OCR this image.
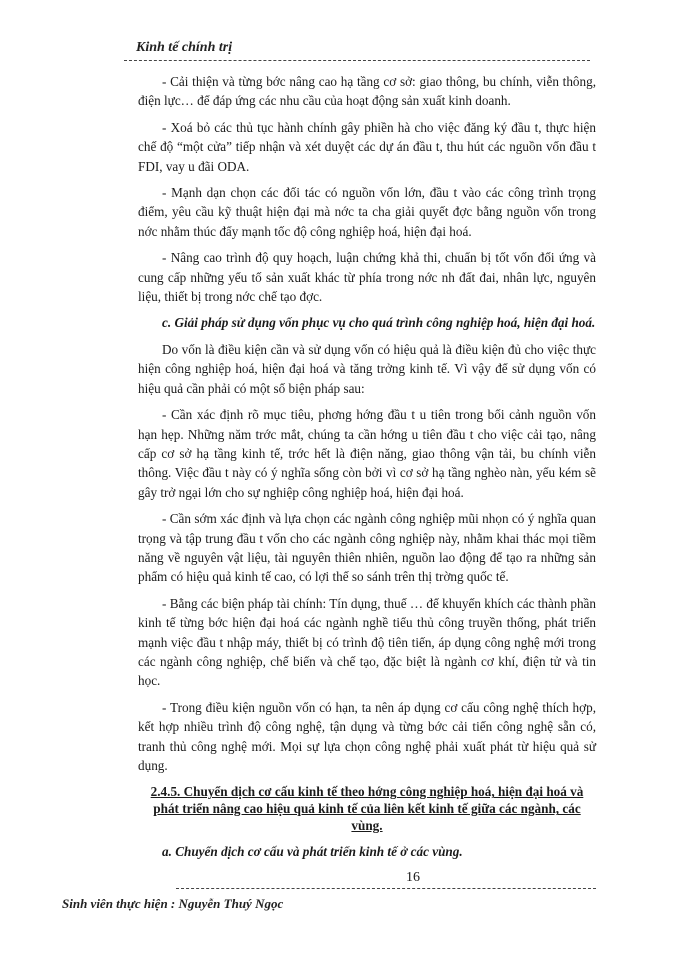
Kinh tế chính trị

- Cải thiện và từng bớc nâng cao hạ tầng cơ sở: giao thông, bu chính, viễn thông, điện lực… để đáp ứng các nhu cầu của hoạt động sản xuất kinh doanh.

- Xoá bỏ các thủ tục hành chính gây phiền hà cho việc đăng ký đầu t, thực hiện chế độ “một cửa” tiếp nhận và xét duyệt các dự án đầu t, thu hút các nguồn vốn đầu t FDI, vay u đãi ODA.

- Mạnh dạn chọn các đối tác có nguồn vốn lớn, đầu t vào các công trình trọng điểm, yêu cầu kỹ thuật hiện đại mà nớc ta cha giải quyết đợc bằng nguồn vốn trong nớc nhằm thúc đẩy mạnh tốc độ công nghiệp hoá, hiện đại hoá.

- Nâng cao trình độ quy hoạch, luận chứng khả thi, chuẩn bị tốt vốn đối ứng và cung cấp những yếu tố sản xuất khác từ phía trong nớc nh đất đai, nhân lực, nguyên liệu, thiết bị trong nớc chế tạo đợc.

c. Giải pháp sử dụng vốn phục vụ cho quá trình công nghiệp hoá, hiện đại hoá.

Do vốn là điều kiện cần và sử dụng vốn có hiệu quả là điều kiện đủ cho việc thực hiện công nghiệp hoá, hiện đại hoá và tăng trởng kinh tế. Vì vậy để sử dụng vốn có hiệu quả cần phải có một số biện pháp sau:

- Cần xác định rõ mục tiêu, phơng hớng đầu t u tiên trong bối cảnh nguồn vốn hạn hẹp. Những năm trớc mắt, chúng ta cần hớng u tiên đầu t cho việc cải tạo, nâng cấp cơ sở hạ tầng kinh tế, trớc hết là điện năng, giao thông vận tải, bu chính viễn thông. Việc đầu t này có ý nghĩa sống còn bởi vì cơ sở hạ tầng nghèo nàn, yếu kém sẽ gây trở ngại lớn cho sự nghiệp công nghiệp hoá, hiện đại hoá.

- Cần sớm xác định và lựa chọn các ngành công nghiệp mũi nhọn có ý nghĩa quan trọng và tập trung đầu t vốn cho các ngành công nghiệp này, nhằm khai thác mọi tiềm năng về nguyên vật liệu, tài nguyên thiên nhiên, nguồn lao động để tạo ra những sản phẩm có hiệu quả kinh tế cao, có lợi thế so sánh trên thị trờng quốc tế.

- Bằng các biện pháp tài chính: Tín dụng, thuế … để khuyến khích các thành phần kinh tế từng bớc hiện đại hoá các ngành nghề tiểu thủ công truyền thống, phát triển mạnh việc đầu t nhập máy, thiết bị có trình độ tiên tiến, áp dụng công nghệ mới trong các ngành công nghiệp, chế biến và chế tạo, đặc biệt là ngành cơ khí, điện tử và tin học.

- Trong điều kiện nguồn vốn có hạn, ta nên áp dụng cơ cấu công nghệ thích hợp, kết hợp nhiều trình độ công nghệ, tận dụng và từng bớc cải tiến công nghệ sẵn có, tranh thủ công nghệ mới. Mọi sự lựa chọn công nghệ phải xuất phát từ hiệu quả sử dụng.

2.4.5. Chuyển dịch cơ cấu kinh tế theo hớng công nghiệp hoá, hiện đại hoá và phát triển nâng cao hiệu quả kinh tế của liên kết kinh tế giữa các ngành, các vùng.

a. Chuyển dịch cơ cấu và phát triển kinh tế ở các vùng.

16
Sinh viên thực hiện : Nguyễn Thuý Ngọc
